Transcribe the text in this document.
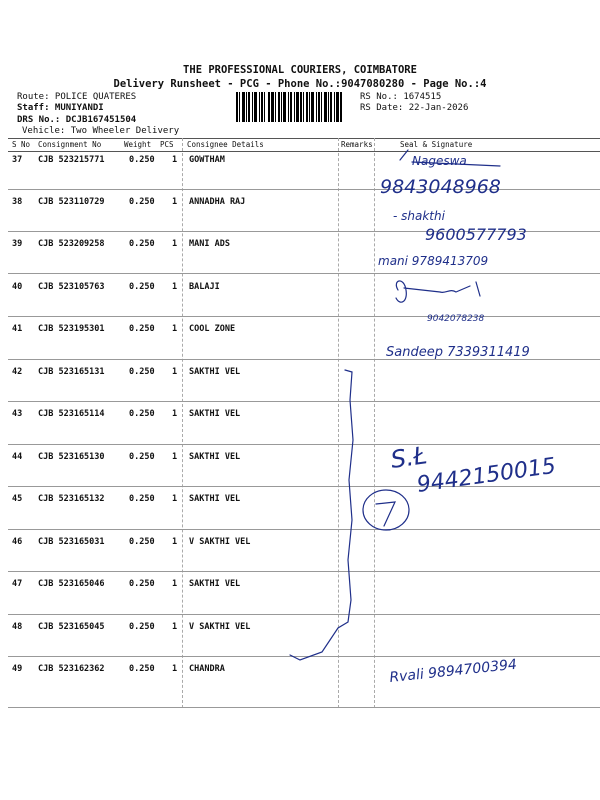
THE PROFESSIONAL COURIERS, COIMBATORE
Delivery Runsheet - PCG - Phone No.:9047080280 - Page No.:4
Route: POLICE QUATERES
Staff: MUNIYANDI
DRS No.: DCJB167451504
Vehicle: Two Wheeler Delivery
RS No.: 1674515
RS Date: 22-Jan-2026
S No Consignment No	Weight PCS Consignee Details	Remarks	Seal & Signature
37 CJB 523215771	0.250 1 GOWTHAM
38 CJB 523110729	0.250 1 ANNADHA RAJ
39 CJB 523209258	0.250 1 MANI ADS
40 CJB 523105763	0.250 1 BALAJI
41 CJB 523195301	0.250 1 COOL ZONE
42 CJB 523165131	0.250 1 SAKTHI VEL
43 CJB 523165114	0.250 1 SAKTHI VEL
44 CJB 523165130	0.250 1 SAKTHI VEL
45 CJB 523165132	0.250 1 SAKTHI VEL
46 CJB 523165031	0.250 1 V SAKTHI VEL
47 CJB 523165046	0.250 1 SAKTHI VEL
48 CJB 523165045	0.250 1 V SAKTHI VEL
49 CJB 523162362	0.250 1 CHANDRA
Nageswa
9843048968
- shakthi
9600577793
mani 9789413709
9042078238
Sandeep 7339311419
S.Ł
9442150015
Rvali 9894700394
